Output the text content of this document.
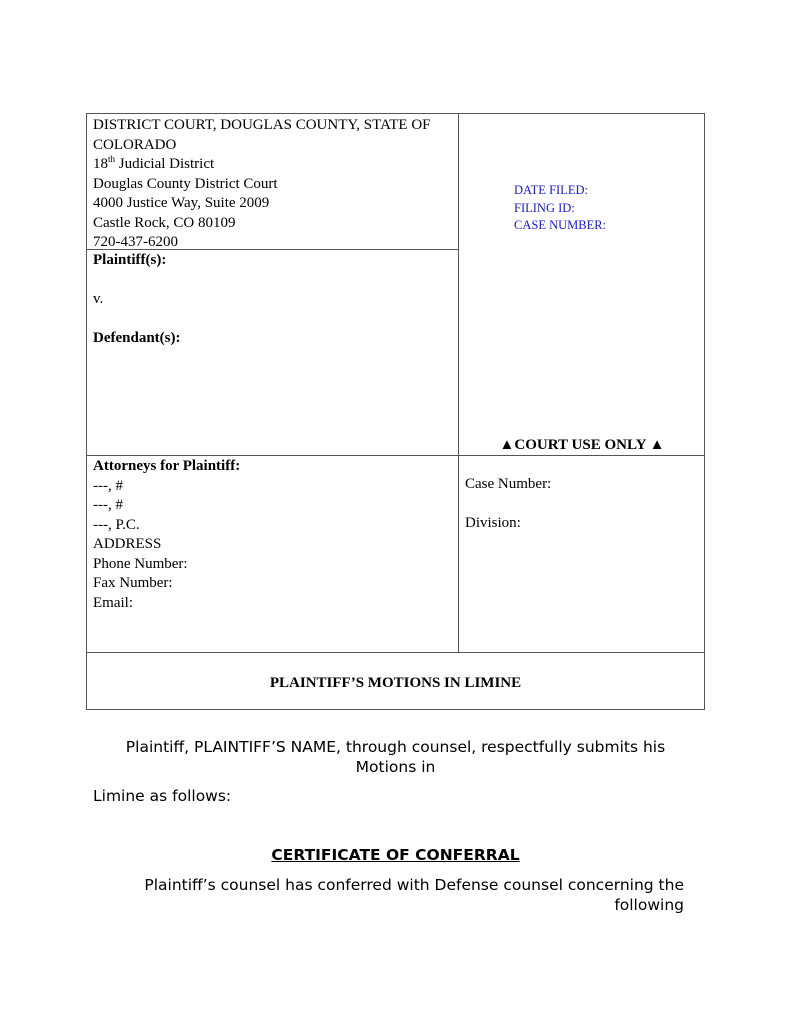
DISTRICT COURT, DOUGLAS COUNTY, STATE OF
COLORADO
18th Judicial District
Douglas County District Court
4000 Justice Way, Suite 2009
Castle Rock, CO 80109
720-437-6200
DATE FILED:
FILING ID:
CASE NUMBER:
Plaintiff(s):
v.
Defendant(s):
▲COURT USE ONLY ▲
Attorneys for Plaintiff:
---, #
---, #
---, P.C.
ADDRESS
Phone Number:
Fax Number:
Email:
Case Number:
Division:
PLAINTIFF’S MOTIONS IN LIMINE
Plaintiff, PLAINTIFF’S NAME, through counsel, respectfully submits his Motions in
Limine as follows:
CERTIFICATE OF CONFERRAL
Plaintiff’s counsel has conferred with Defense counsel concerning the following
